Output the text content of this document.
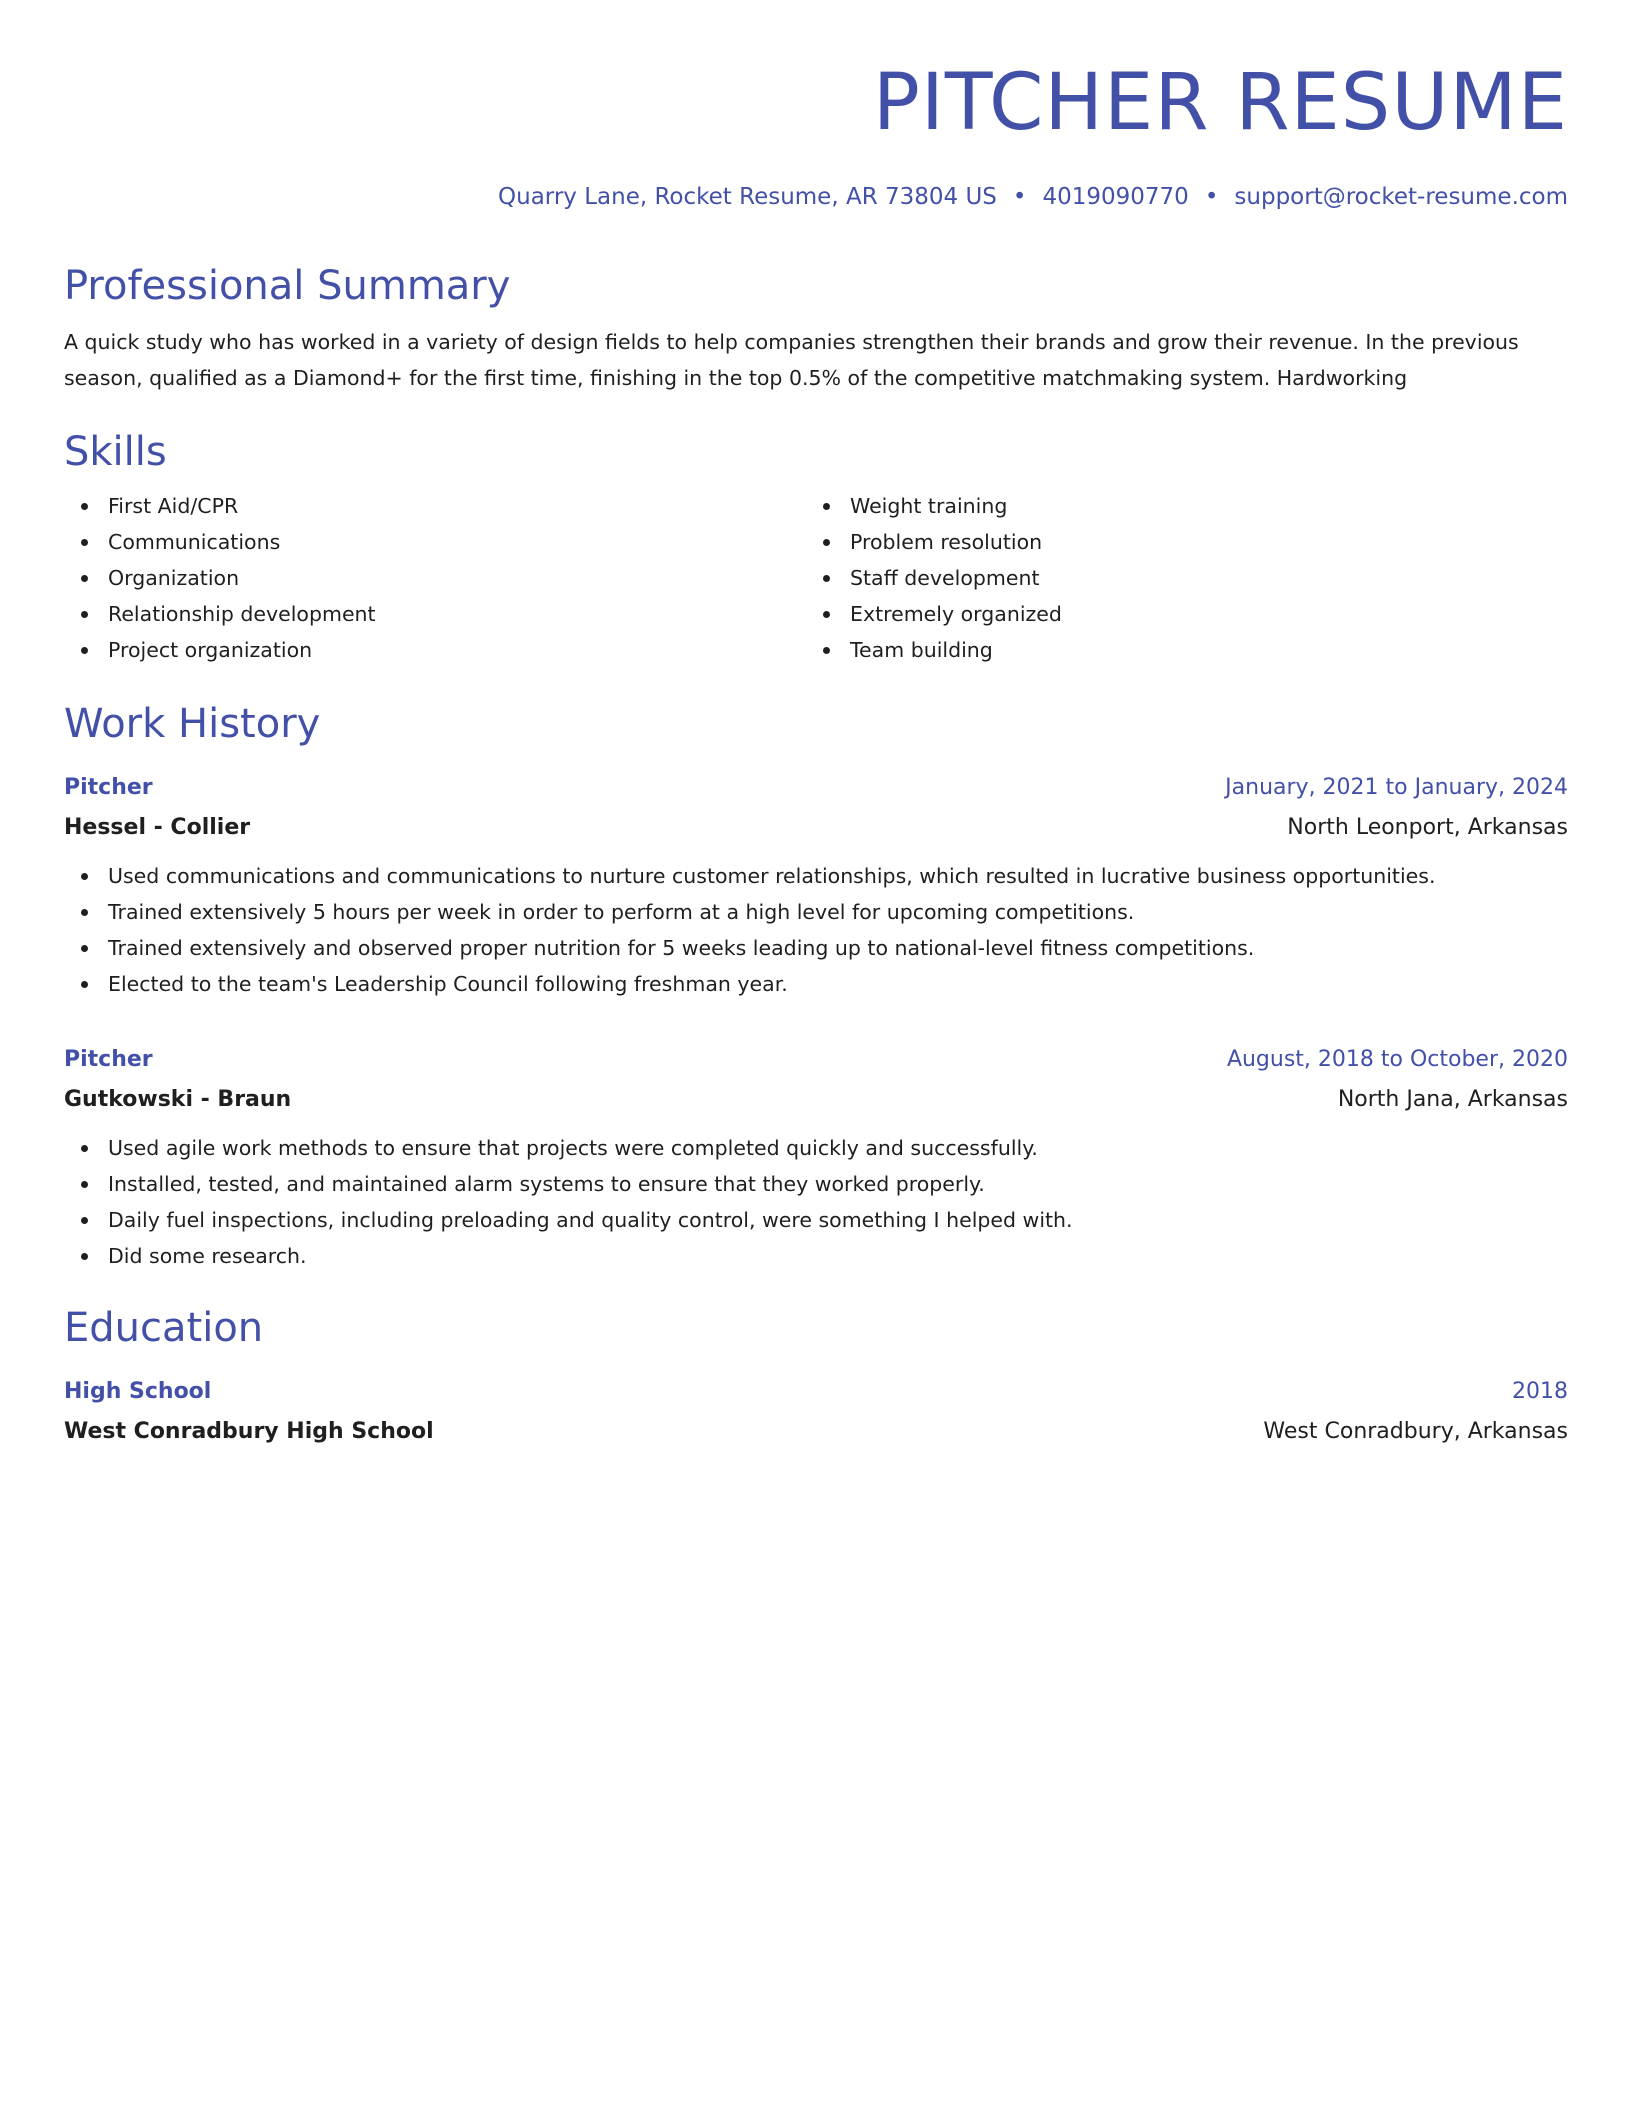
PITCHER RESUME
Quarry Lane, Rocket Resume, AR 73804 US • 4019090770 • support@rocket-resume.com
Professional Summary
A quick study who has worked in a variety of design fields to help companies strengthen their brands and grow their revenue. In the previous season, qualified as a Diamond+ for the first time, finishing in the top 0.5% of the competitive matchmaking system. Hardworking
Skills
First Aid/CPR
Communications
Organization
Relationship development
Project organization
Weight training
Problem resolution
Staff development
Extremely organized
Team building
Work History
Pitcher	January, 2021 to January, 2024
Hessel - Collier	North Leonport, Arkansas
Used communications and communications to nurture customer relationships, which resulted in lucrative business opportunities.
Trained extensively 5 hours per week in order to perform at a high level for upcoming competitions.
Trained extensively and observed proper nutrition for 5 weeks leading up to national-level fitness competitions.
Elected to the team's Leadership Council following freshman year.
Pitcher	August, 2018 to October, 2020
Gutkowski - Braun	North Jana, Arkansas
Used agile work methods to ensure that projects were completed quickly and successfully.
Installed, tested, and maintained alarm systems to ensure that they worked properly.
Daily fuel inspections, including preloading and quality control, were something I helped with.
Did some research.
Education
High School	2018
West Conradbury High School	West Conradbury, Arkansas
